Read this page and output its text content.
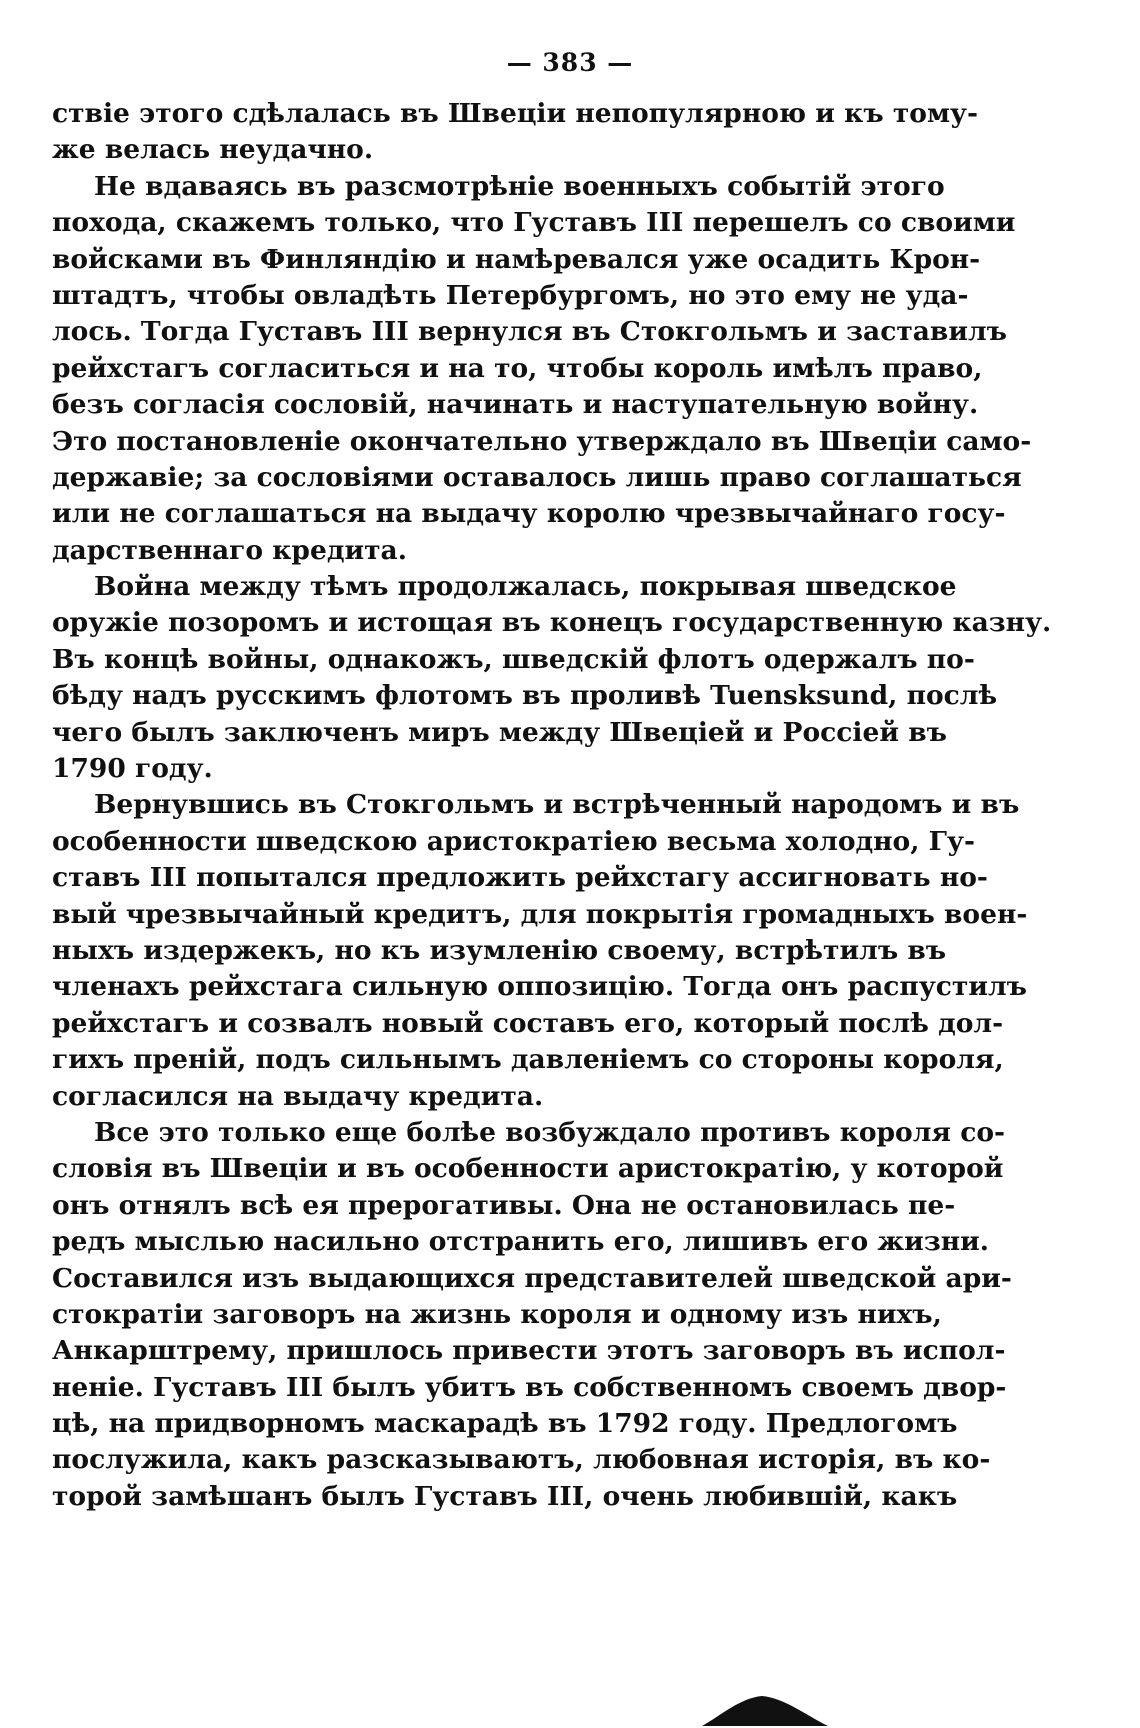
— 383 —
ствіе этого сдѣлалась въ Швеціи непопулярною и къ тому-
же велась неудачно.
Не вдаваясь въ разсмотрѣніе военныхъ событій этого
похода, скажемъ только, что Густавъ III перешелъ со своими
войсками въ Финляндію и намѣревался уже осадить Крон-
штадтъ, чтобы овладѣть Петербургомъ, но это ему не уда-
лось. Тогда Густавъ III вернулся въ Стокгольмъ и заставилъ
рейхстагъ согласиться и на то, чтобы король имѣлъ право,
безъ согласія сословій, начинать и наступательную войну.
Это постановленіе окончательно утверждало въ Швеціи само-
державіе; за сословіями оставалось лишь право соглашаться
или не соглашаться на выдачу королю чрезвычайнаго госу-
дарственнаго кредита.
Война между тѣмъ продолжалась, покрывая шведское
оружіе позоромъ и истощая въ конецъ государственную казну.
Въ концѣ войны, однакожъ, шведскій флотъ одержалъ по-
бѣду надъ русскимъ флотомъ въ проливѣ Tuensksund, послѣ
чего былъ заключенъ миръ между Швеціей и Россіей въ
1790 году.
Вернувшись въ Стокгольмъ и встрѣченный народомъ и въ
особенности шведскою аристократіею весьма холодно, Гу-
ставъ III попытался предложить рейхстагу ассигновать но-
вый чрезвычайный кредитъ, для покрытія громадныхъ воен-
ныхъ издержекъ, но къ изумленію своему, встрѣтилъ въ
членахъ рейхстага сильную оппозицію. Тогда онъ распустилъ
рейхстагъ и созвалъ новый составъ его, который послѣ дол-
гихъ преній, подъ сильнымъ давленіемъ со стороны короля,
согласился на выдачу кредита.
Все это только еще болѣе возбуждало противъ короля со-
словія въ Швеціи и въ особенности аристократію, у которой
онъ отнялъ всѣ ея прерогативы. Она не остановилась пе-
редъ мыслью насильно отстранить его, лишивъ его жизни.
Составился изъ выдающихся представителей шведской ари-
стократіи заговоръ на жизнь короля и одному изъ нихъ,
Анкарштрему, пришлось привести этотъ заговоръ въ испол-
неніе. Густавъ III былъ убитъ въ собственномъ своемъ двор-
цѣ, на придворномъ маскарадѣ въ 1792 году. Предлогомъ
послужила, какъ разсказываютъ, любовная исторія, въ ко-
торой замѣшанъ былъ Густавъ III, очень любившій, какъ
